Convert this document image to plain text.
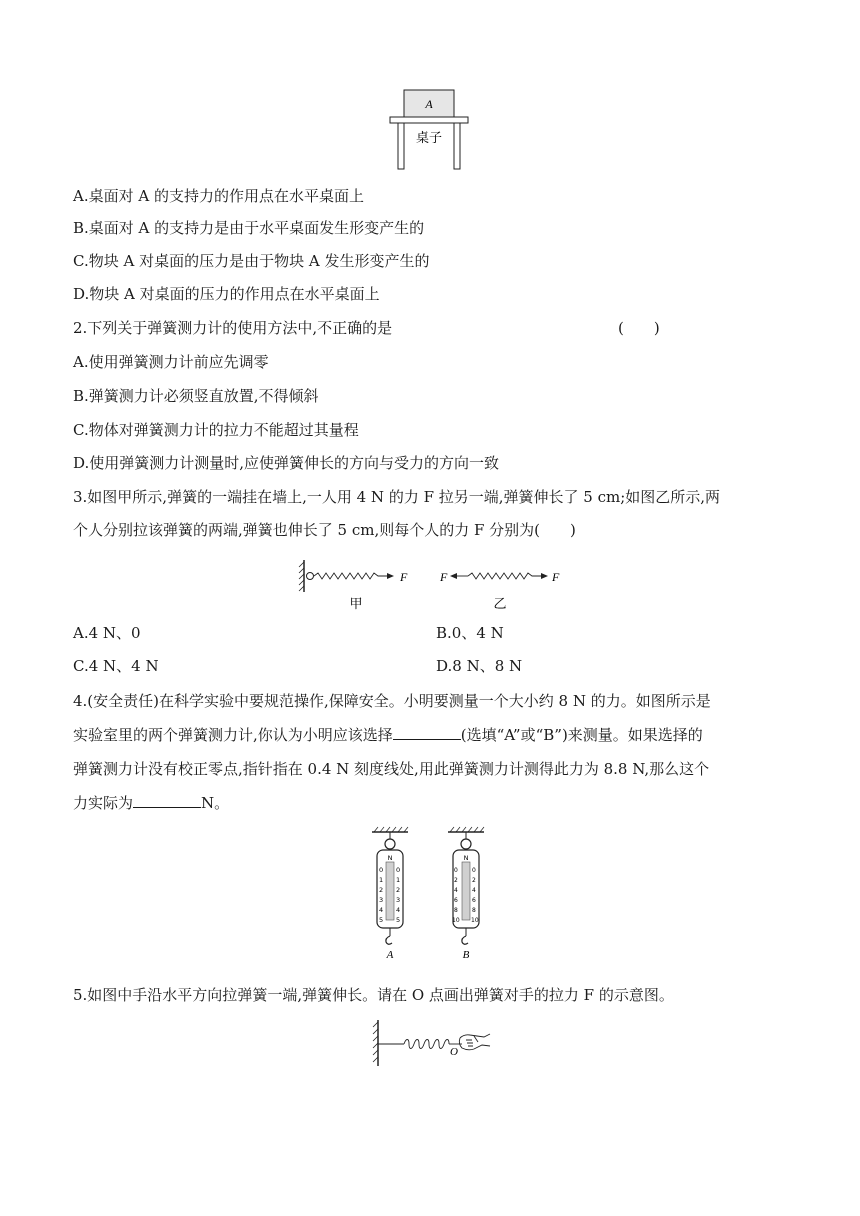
A
桌子
A.桌面对 A 的支持力的作用点在水平桌面上
B.桌面对 A 的支持力是由于水平桌面发生形变产生的
C.物块 A 对桌面的压力是由于物块 A 发生形变产生的
D.物块 A 对桌面的压力的作用点在水平桌面上
2.下列关于弹簧测力计的使用方法中,不正确的是	(　　)
A.使用弹簧测力计前应先调零
B.弹簧测力计必须竖直放置,不得倾斜
C.物体对弹簧测力计的拉力不能超过其量程
D.使用弹簧测力计测量时,应使弹簧伸长的方向与受力的方向一致
3.如图甲所示,弹簧的一端挂在墙上,一人用 4 N 的力 F 拉另一端,弹簧伸长了 5 cm;如图乙所示,两
个人分别拉该弹簧的两端,弹簧也伸长了 5 cm,则每个人的力 F 分别为(　　)
F
甲
F	F
乙
A.4 N、0	B.0、4 N
C.4 N、4 N	D.8 N、8 N
4.(安全责任)在科学实验中要规范操作,保障安全。小明要测量一个大小约 8 N 的力。如图所示是
实验室里的两个弹簧测力计,你认为小明应该选择	(选填“A”或“B”)来测量。如果选择的
弹簧测力计没有校正零点,指针指在 0.4 N 刻度线处,用此弹簧测力计测得此力为 8.8 N,那么这个
力实际为	N。
N
0
1
2
3
4
5
0
1
2
3
4
5
A
N
0
2
4
6
8
10
0
2
4
6
8
10
B
5.如图中手沿水平方向拉弹簧一端,弹簧伸长。请在 O 点画出弹簧对手的拉力 F 的示意图。
O
